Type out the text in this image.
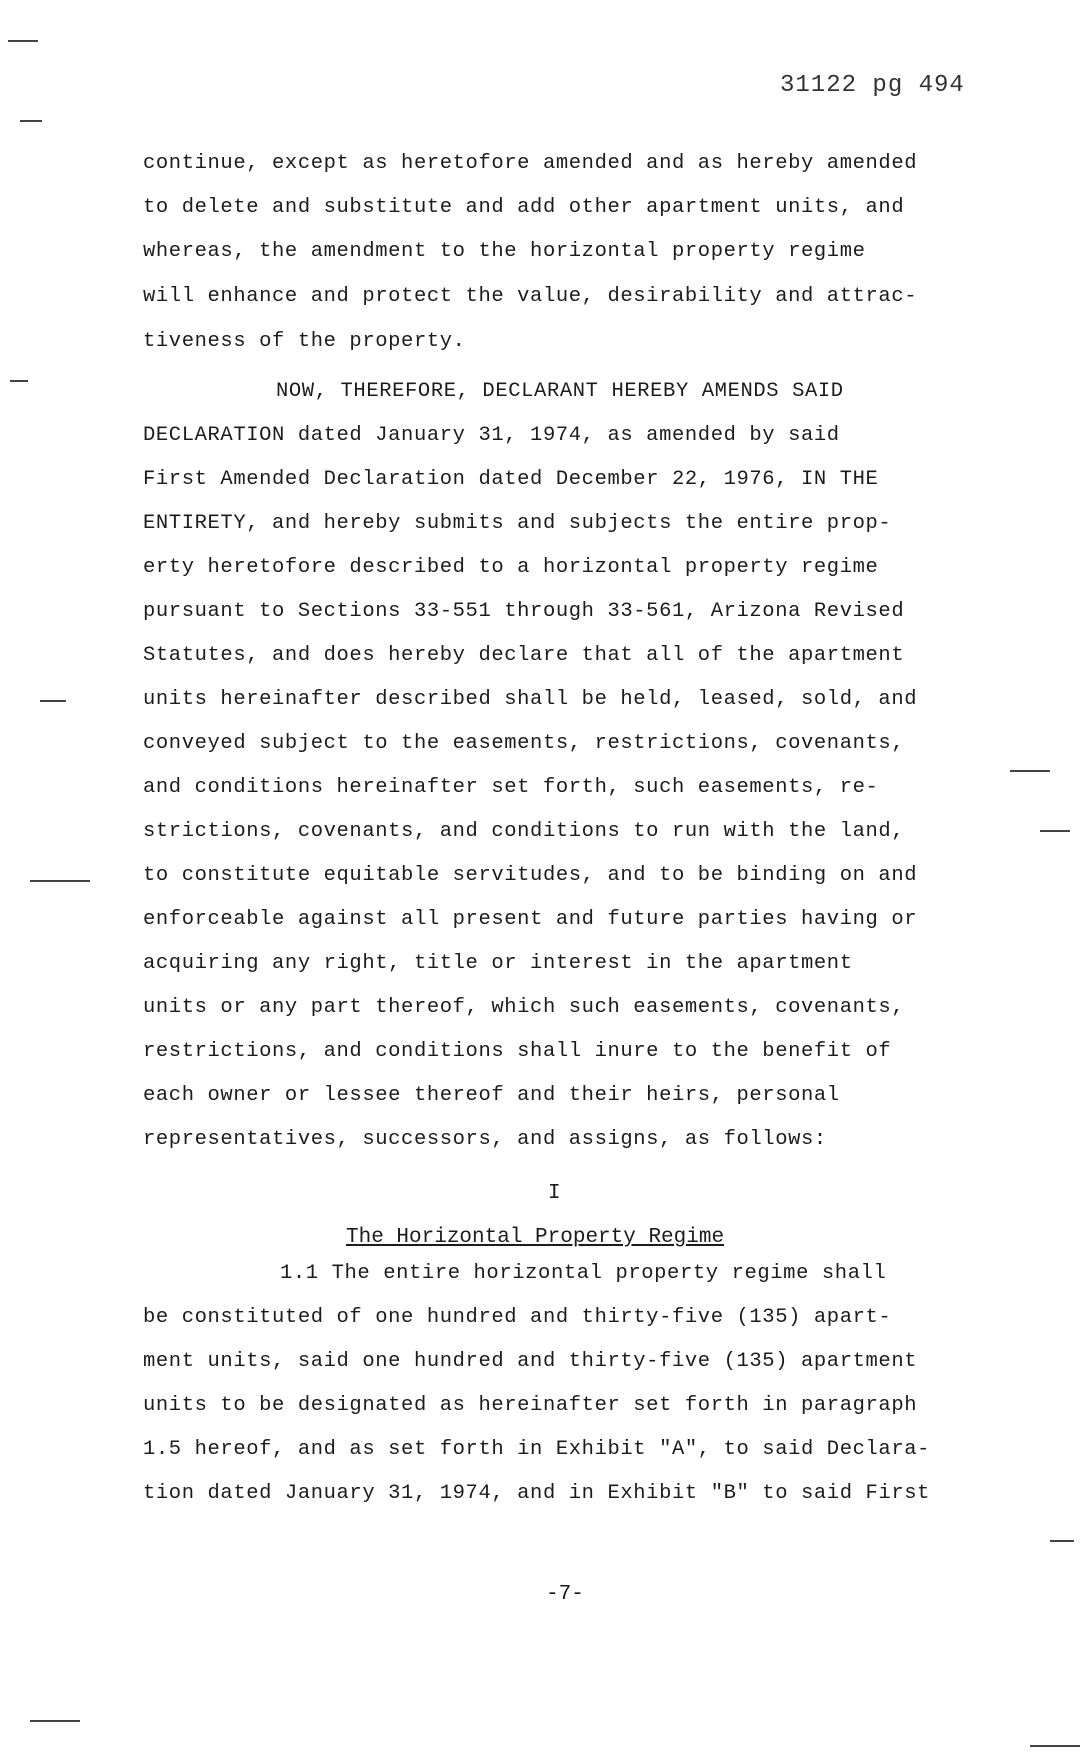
31122 pg 494
continue, except as heretofore amended and as hereby amended
to delete and substitute and add other apartment units, and
whereas, the amendment to the horizontal property regime
will enhance and protect the value, desirability and attrac-
tiveness of the property.
NOW, THEREFORE, DECLARANT HEREBY AMENDS SAID
DECLARATION dated January 31, 1974, as amended by said
First Amended Declaration dated December 22, 1976, IN THE
ENTIRETY, and hereby submits and subjects the entire prop-
erty heretofore described to a horizontal property regime
pursuant to Sections 33-551 through 33-561, Arizona Revised
Statutes, and does hereby declare that all of the apartment
units hereinafter described shall be held, leased, sold, and
conveyed subject to the easements, restrictions, covenants,
and conditions hereinafter set forth, such easements, re-
strictions, covenants, and conditions to run with the land,
to constitute equitable servitudes, and to be binding on and
enforceable against all present and future parties having or
acquiring any right, title or interest in the apartment
units or any part thereof, which such easements, covenants,
restrictions, and conditions shall inure to the benefit of
each owner or lessee thereof and their heirs, personal
representatives, successors, and assigns, as follows:
I
The Horizontal Property Regime
1.1 The entire horizontal property regime shall
be constituted of one hundred and thirty-five (135) apart-
ment units, said one hundred and thirty-five (135) apartment
units to be designated as hereinafter set forth in paragraph
1.5 hereof, and as set forth in Exhibit "A", to said Declara-
tion dated January 31, 1974, and in Exhibit "B" to said First
-7-
